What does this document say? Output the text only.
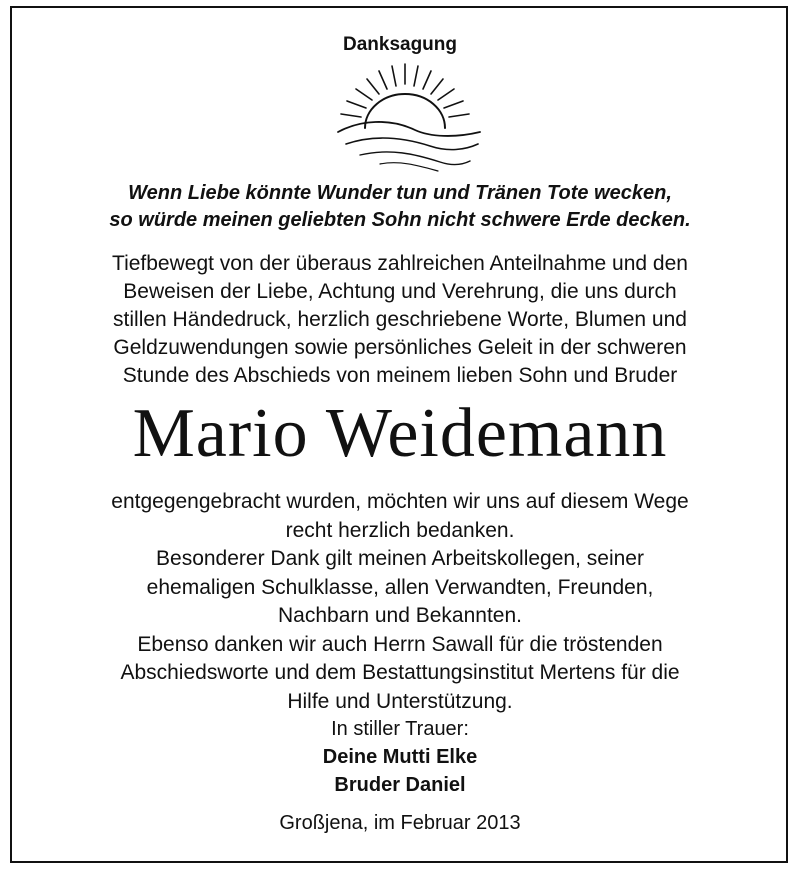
Danksagung
Wenn Liebe könnte Wunder tun und Tränen Tote wecken,
so würde meinen geliebten Sohn nicht schwere Erde decken.
Tiefbewegt von der überaus zahlreichen Anteilnahme und den
Beweisen der Liebe, Achtung und Verehrung, die uns durch
stillen Händedruck, herzlich geschriebene Worte, Blumen und
Geldzuwendungen sowie persönliches Geleit in der schweren
Stunde des Abschieds von meinem lieben Sohn und Bruder
Mario Weidemann
entgegengebracht wurden, möchten wir uns auf diesem Wege
recht herzlich bedanken.
Besonderer Dank gilt meinen Arbeitskollegen, seiner
ehemaligen Schulklasse, allen Verwandten, Freunden,
Nachbarn und Bekannten.
Ebenso danken wir auch Herrn Sawall für die tröstenden
Abschiedsworte und dem Bestattungsinstitut Mertens für die
Hilfe und Unterstützung.
In stiller Trauer:
Deine Mutti Elke
Bruder Daniel
Großjena, im Februar 2013
